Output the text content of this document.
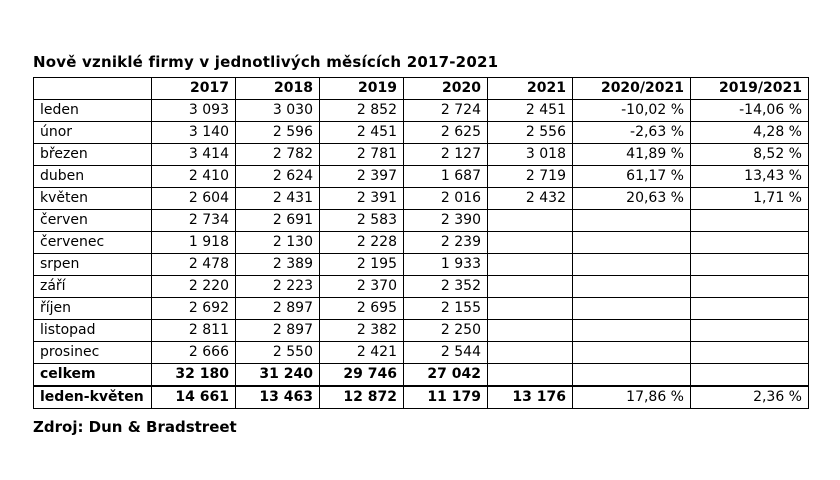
Nově vzniklé firmy v jednotlivých měsících 2017-2021
	2017	2018	2019	2020	2021	2020/2021	2019/2021
leden	3 093	3 030	2 852	2 724	2 451	-10,02 %	-14,06 %
únor	3 140	2 596	2 451	2 625	2 556	-2,63 %	4,28 %
březen	3 414	2 782	2 781	2 127	3 018	41,89 %	8,52 %
duben	2 410	2 624	2 397	1 687	2 719	61,17 %	13,43 %
květen	2 604	2 431	2 391	2 016	2 432	20,63 %	1,71 %
červen	2 734	2 691	2 583	2 390			
červenec	1 918	2 130	2 228	2 239			
srpen	2 478	2 389	2 195	1 933			
září	2 220	2 223	2 370	2 352			
říjen	2 692	2 897	2 695	2 155			
listopad	2 811	2 897	2 382	2 250			
prosinec	2 666	2 550	2 421	2 544			
celkem	32 180	31 240	29 746	27 042			
leden-květen	14 661	13 463	12 872	11 179	13 176	17,86 %	2,36 %
Zdroj: Dun & Bradstreet
